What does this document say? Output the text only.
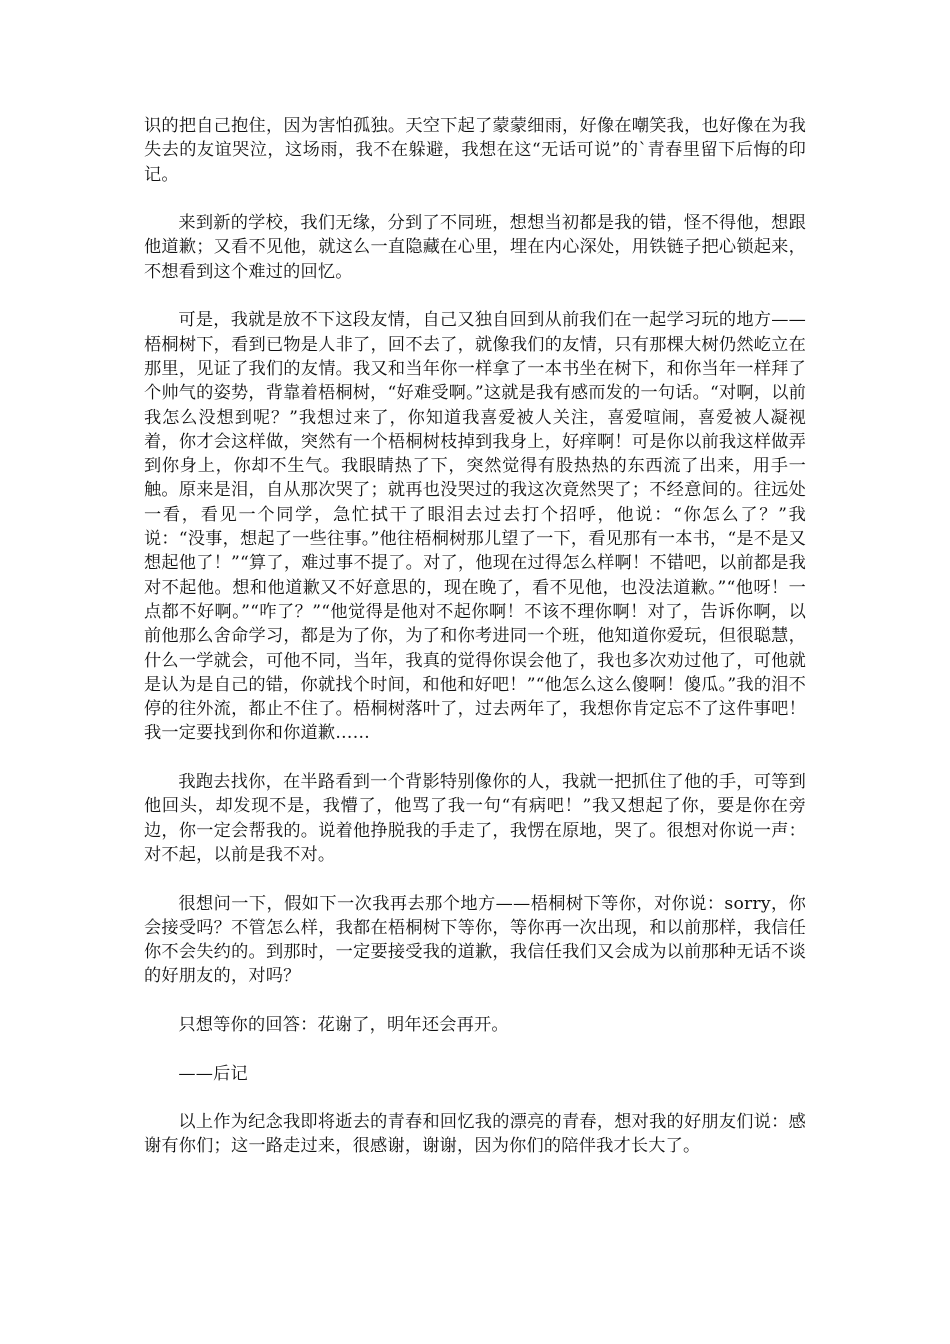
识的把自己抱住，因为害怕孤独。天空下起了蒙蒙细雨，好像在嘲笑我，也好像在为我失去的友谊哭泣，这场雨，我不在躲避，我想在这“无话可说”的`青春里留下后悔的印记。

来到新的学校，我们无缘，分到了不同班，想想当初都是我的错，怪不得他，想跟他道歉；又看不见他，就这么一直隐藏在心里，埋在内心深处，用铁链子把心锁起来，不想看到这个难过的回忆。

可是，我就是放不下这段友情，自己又独自回到从前我们在一起学习玩的地方——梧桐树下，看到已物是人非了，回不去了，就像我们的友情，只有那棵大树仍然屹立在那里，见证了我们的友情。我又和当年你一样拿了一本书坐在树下，和你当年一样拜了个帅气的姿势，背靠着梧桐树，“好难受啊。”这就是我有感而发的一句话。“对啊，以前我怎么没想到呢？”我想过来了，你知道我喜爱被人关注，喜爱喧闹，喜爱被人凝视着，你才会这样做，突然有一个梧桐树枝掉到我身上，好痒啊！可是你以前我这样做弄到你身上，你却不生气。我眼睛热了下，突然觉得有股热热的东西流了出来，用手一触。原来是泪，自从那次哭了；就再也没哭过的我这次竟然哭了；不经意间的。往远处一看，看见一个同学，急忙拭干了眼泪去过去打个招呼，他说：“你怎么了？”我说：“没事，想起了一些往事。”他往梧桐树那儿望了一下，看见那有一本书，“是不是又想起他了！”“算了，难过事不提了。对了，他现在过得怎么样啊！不错吧，以前都是我对不起他。想和他道歉又不好意思的，现在晚了，看不见他，也没法道歉。”“他呀！一点都不好啊。”“咋了？”“他觉得是他对不起你啊！不该不理你啊！对了，告诉你啊，以前他那么舍命学习，都是为了你，为了和你考进同一个班，他知道你爱玩，但很聪慧，什么一学就会，可他不同，当年，我真的觉得你误会他了，我也多次劝过他了，可他就是认为是自己的错，你就找个时间，和他和好吧！”“他怎么这么傻啊！傻瓜。”我的泪不停的往外流，都止不住了。梧桐树落叶了，过去两年了，我想你肯定忘不了这件事吧！我一定要找到你和你道歉……

我跑去找你，在半路看到一个背影特别像你的人，我就一把抓住了他的手，可等到他回头，却发现不是，我懵了，他骂了我一句“有病吧！”我又想起了你，要是你在旁边，你一定会帮我的。说着他挣脱我的手走了，我愣在原地，哭了。很想对你说一声：对不起，以前是我不对。

很想问一下，假如下一次我再去那个地方——梧桐树下等你，对你说：sorry，你会接受吗？不管怎么样，我都在梧桐树下等你，等你再一次出现，和以前那样，我信任你不会失约的。到那时，一定要接受我的道歉，我信任我们又会成为以前那种无话不谈的好朋友的，对吗？

只想等你的回答：花谢了，明年还会再开。

——后记

以上作为纪念我即将逝去的青春和回忆我的漂亮的青春，想对我的好朋友们说：感谢有你们；这一路走过来，很感谢，谢谢，因为你们的陪伴我才长大了。
